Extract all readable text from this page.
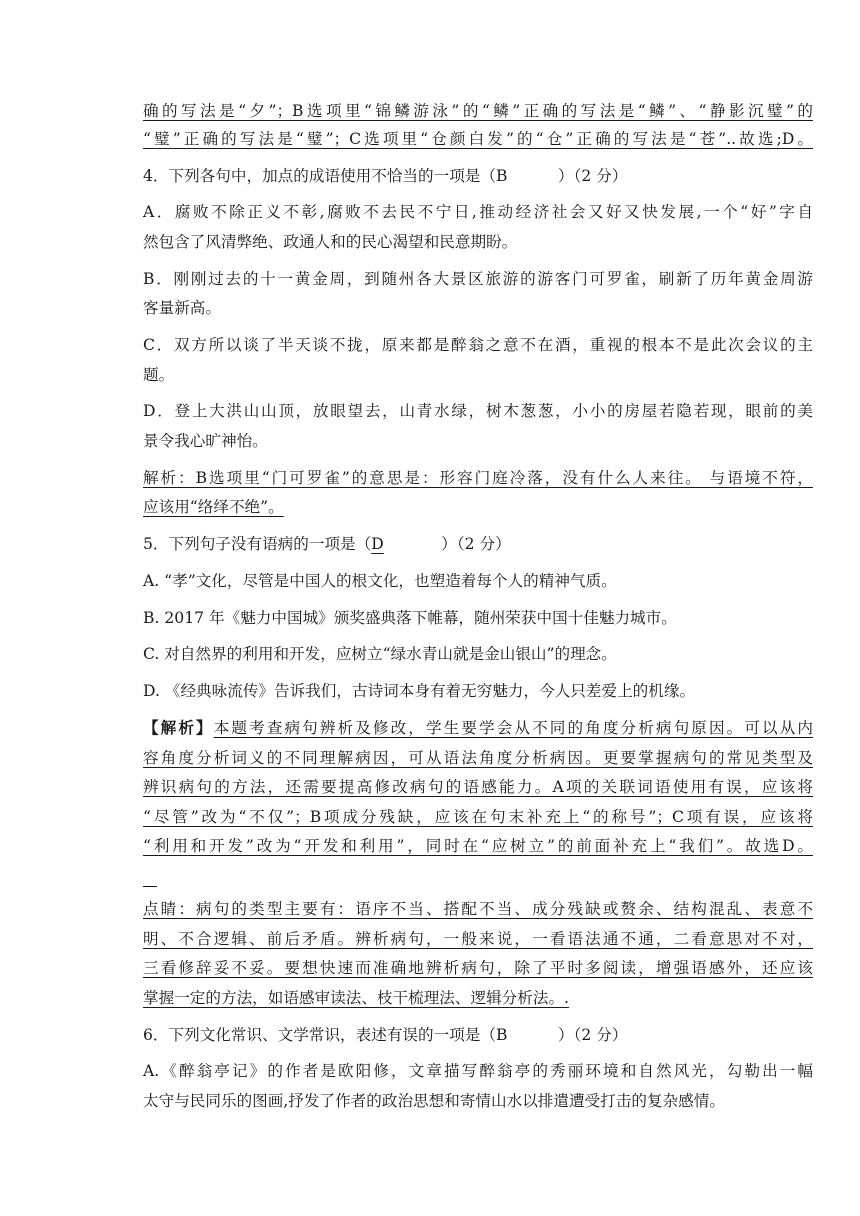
确的写法是“夕”；B选项里“锦鳞游泳”的“鳞”正确的写法是“鳞”、“静影沉璧”的
“璧”正确的写法是“璧”；C选项里“仓颜白发”的“仓”正确的写法是“苍”..故选;D。
4．下列各句中，加点的成语使用不恰当的一项是（B	）（2 分）
A．腐败不除正义不彰,腐败不去民不宁日,推动经济社会又好又快发展,一个“好”字自
然包含了风清弊绝、政通人和的民心渴望和民意期盼。
B．刚刚过去的十一黄金周，到随州各大景区旅游的游客门可罗雀，刷新了历年黄金周游
客量新高。
C．双方所以谈了半天谈不拢，原来都是醉翁之意不在酒，重视的根本不是此次会议的主
题。
D．登上大洪山山顶，放眼望去，山青水绿，树木葱葱，小小的房屋若隐若现，眼前的美
景令我心旷神怡。
解析：B选项里“门可罗雀”的意思是：形容门庭冷落，没有什么人来往。 与语境不符，
应该用“络绎不绝”。
5．下列句子没有语病的一项是（D	）（2 分）
A. “孝”文化，尽管是中国人的根文化，也塑造着每个人的精神气质。
B. 2017 年《魅力中国城》颁奖盛典落下帷幕，随州荣获中国十佳魅力城市。
C. 对自然界的利用和开发，应树立“绿水青山就是金山银山”的理念。
D. 《经典咏流传》告诉我们，古诗词本身有着无穷魅力，今人只差爱上的机缘。
【解析】本题考查病句辨析及修改，学生要学会从不同的角度分析病句原因。可以从内
容角度分析词义的不同理解病因，可从语法角度分析病因。更要掌握病句的常见类型及
辨识病句的方法，还需要提高修改病句的语感能力。A项的关联词语使用有误，应该将
“尽管”改为“不仅”；B项成分残缺，应该在句末补充上“的称号”；C项有误，应该将
“利用和开发”改为“开发和利用”，同时在“应树立”的前面补充上“我们”。故选D。
点睛：病句的类型主要有：语序不当、搭配不当、成分残缺或赘余、结构混乱、表意不
明、不合逻辑、前后矛盾。辨析病句，一般来说，一看语法通不通，二看意思对不对，
三看修辞妥不妥。要想快速而准确地辨析病句，除了平时多阅读，增强语感外，还应该
掌握一定的方法，如语感审读法、枝干梳理法、逻辑分析法。.
6．下列文化常识、文学常识，表述有误的一项是（B	）（2 分）
A.《醉翁亭记》的作者是欧阳修，文章描写醉翁亭的秀丽环境和自然风光，勾勒出一幅
太守与民同乐的图画,抒发了作者的政治思想和寄情山水以排遣遭受打击的复杂感情。
